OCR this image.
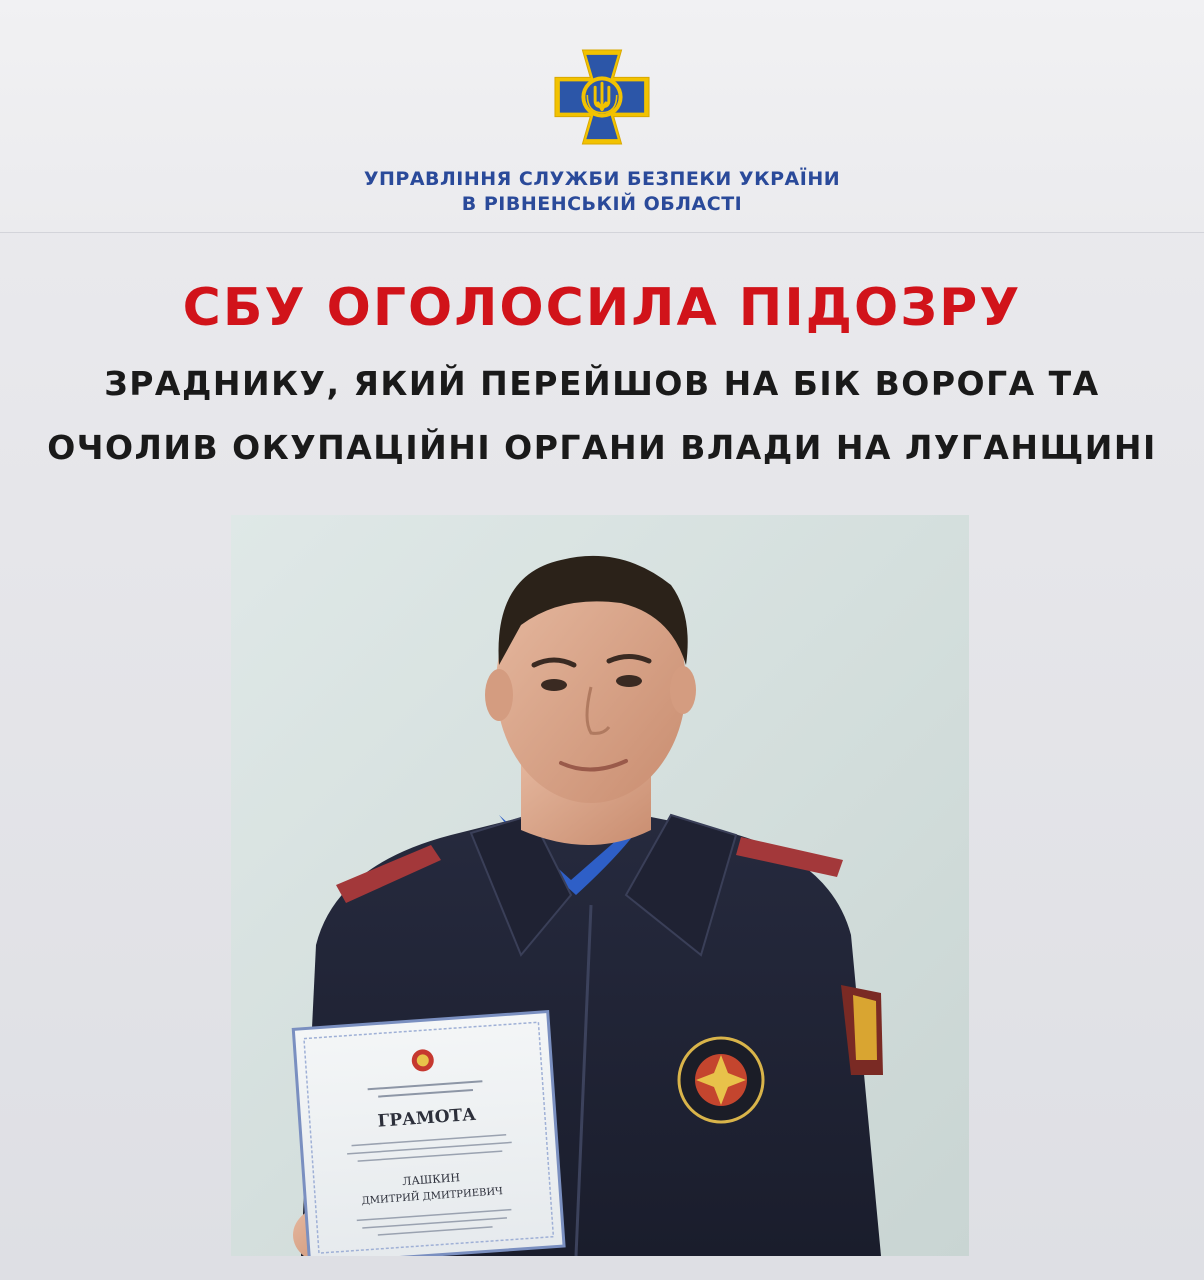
УПРАВЛІННЯ СЛУЖБИ БЕЗПЕКИ УКРАЇНИ
В РІВНЕНСЬКІЙ ОБЛАСТІ
СБУ ОГОЛОСИЛА ПІДОЗРУ
ЗРАДНИКУ, ЯКИЙ ПЕРЕЙШОВ НА БІК ВОРОГА ТА
ОЧОЛИВ ОКУПАЦІЙНІ ОРГАНИ ВЛАДИ НА ЛУГАНЩИНІ
ГРАМОТА
ЛАШКИН
ДМИТРИЙ ДМИТРИЕВИЧ
